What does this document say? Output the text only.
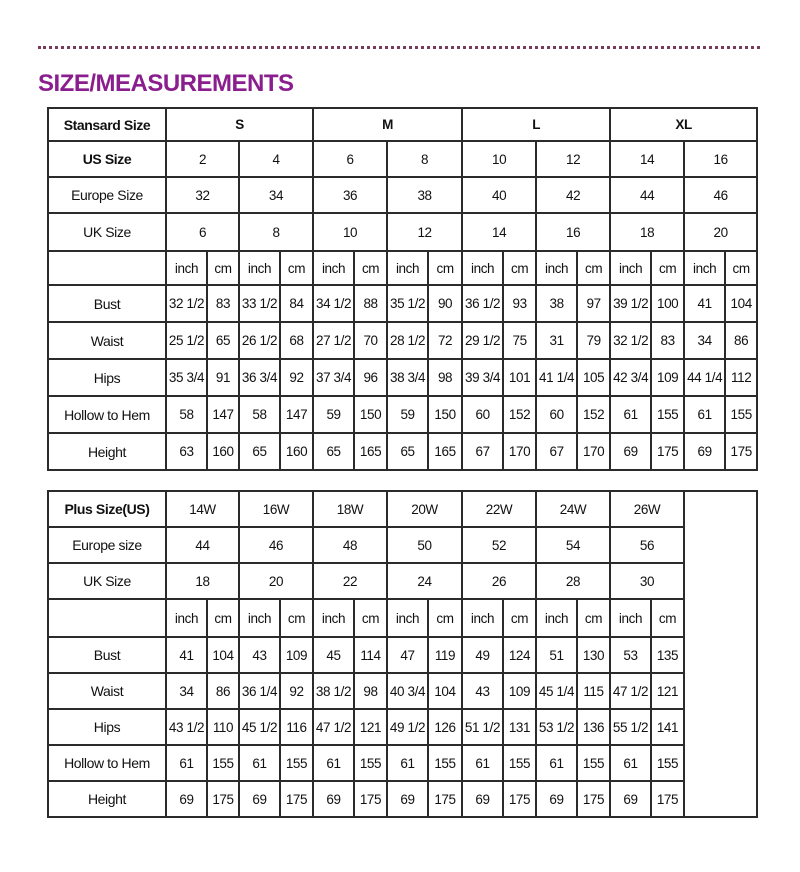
SIZE/MEASUREMENTS
Stansard Size	S				M				L				XL			
US Size	2		4		6		8		10		12		14		16	
Europe Size	32		34		36		38		40		42		44		46	
UK Size	6		8		10		12		14		16		18		20	
	inch	cm	inch	cm	inch	cm	inch	cm	inch	cm	inch	cm	inch	cm	inch	cm
Bust	32 1/2	83	33 1/2	84	34 1/2	88	35 1/2	90	36 1/2	93	38	97	39 1/2	100	41	104
Waist	25 1/2	65	26 1/2	68	27 1/2	70	28 1/2	72	29 1/2	75	31	79	32 1/2	83	34	86
Hips	35 3/4	91	36 3/4	92	37 3/4	96	38 3/4	98	39 3/4	101	41 1/4	105	42 3/4	109	44 1/4	112
Hollow to Hem	58	147	58	147	59	150	59	150	60	152	60	152	61	155	61	155
Height	63	160	65	160	65	165	65	165	67	170	67	170	69	175	69	175
Plus Size(US)	14W		16W		18W		20W		22W		24W		26W		
Europe size	44		46		48		50		52		54		56		
UK Size	18		20		22		24		26		28		30		
	inch	cm	inch	cm	inch	cm	inch	cm	inch	cm	inch	cm	inch	cm	
Bust	41	104	43	109	45	114	47	119	49	124	51	130	53	135	
Waist	34	86	36 1/4	92	38 1/2	98	40 3/4	104	43	109	45 1/4	115	47 1/2	121	
Hips	43 1/2	110	45 1/2	116	47 1/2	121	49 1/2	126	51 1/2	131	53 1/2	136	55 1/2	141	
Hollow to Hem	61	155	61	155	61	155	61	155	61	155	61	155	61	155	
Height	69	175	69	175	69	175	69	175	69	175	69	175	69	175	
